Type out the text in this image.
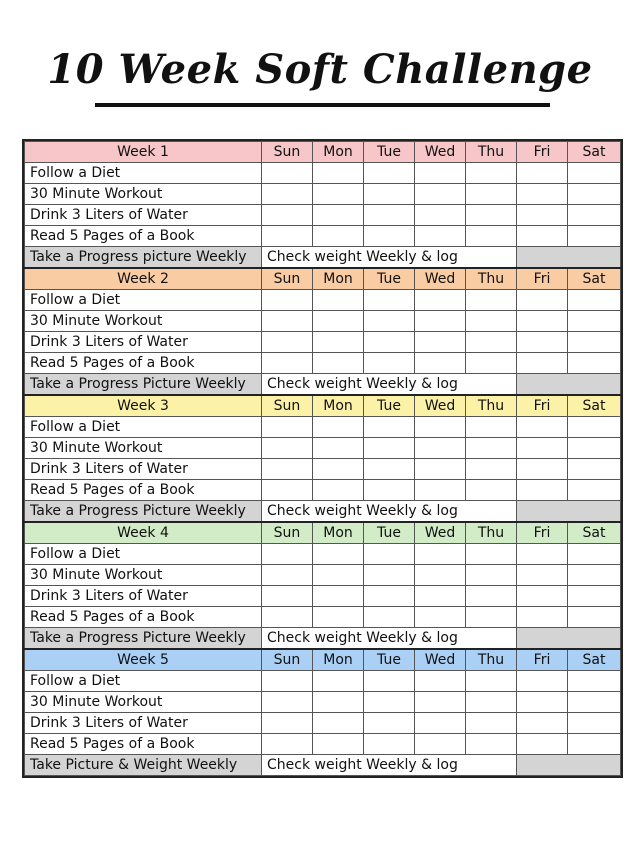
10 Week Soft Challenge
Week 1	Sun	Mon	Tue	Wed	Thu	Fri	Sat
Follow a Diet							
30 Minute Workout							
Drink 3 Liters of Water							
Read 5 Pages of a Book							
Take a Progress picture Weekly	Check weight Weekly & log						
Week 2	Sun	Mon	Tue	Wed	Thu	Fri	Sat
Follow a Diet							
30 Minute Workout							
Drink 3 Liters of Water							
Read 5 Pages of a Book							
Take a Progress Picture Weekly	Check weight Weekly & log						
Week 3	Sun	Mon	Tue	Wed	Thu	Fri	Sat
Follow a Diet							
30 Minute Workout							
Drink 3 Liters of Water							
Read 5 Pages of a Book							
Take a Progress Picture Weekly	Check weight Weekly & log						
Week 4	Sun	Mon	Tue	Wed	Thu	Fri	Sat
Follow a Diet							
30 Minute Workout							
Drink 3 Liters of Water							
Read 5 Pages of a Book							
Take a Progress Picture Weekly	Check weight Weekly & log						
Week 5	Sun	Mon	Tue	Wed	Thu	Fri	Sat
Follow a Diet							
30 Minute Workout							
Drink 3 Liters of Water							
Read 5 Pages of a Book							
Take Picture & Weight Weekly	Check weight Weekly & log						
